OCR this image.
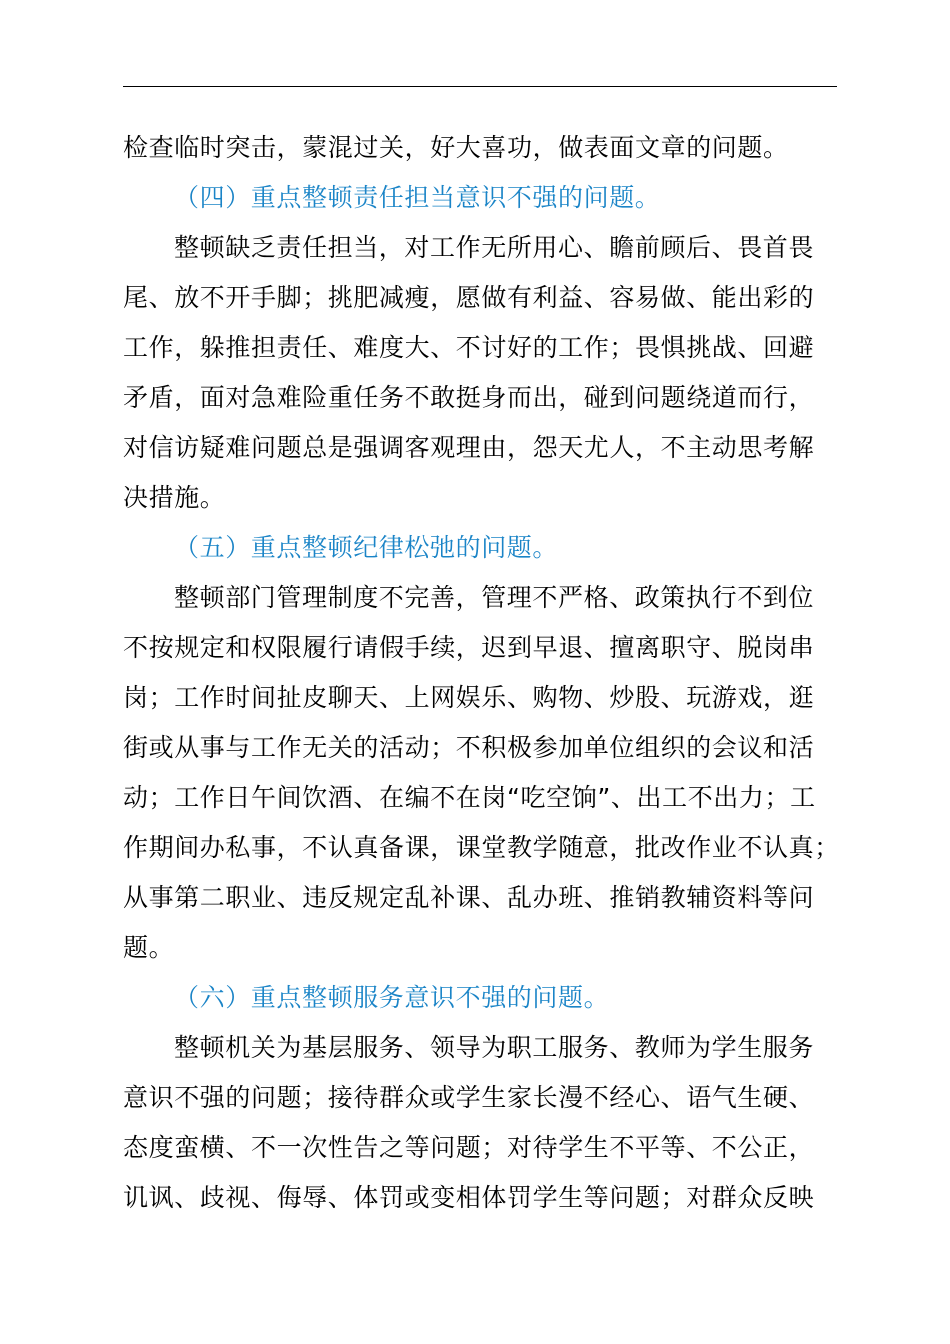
检查临时突击，蒙混过关，好大喜功，做表面文章的问题。
（四）重点整顿责任担当意识不强的问题。
整顿缺乏责任担当，对工作无所用心、瞻前顾后、畏首畏
尾、放不开手脚；挑肥减瘦，愿做有利益、容易做、能出彩的
工作，躲推担责任、难度大、不讨好的工作；畏惧挑战、回避
矛盾，面对急难险重任务不敢挺身而出，碰到问题绕道而行，
对信访疑难问题总是强调客观理由，怨天尤人，不主动思考解
决措施。
（五）重点整顿纪律松弛的问题。
整顿部门管理制度不完善，管理不严格、政策执行不到位
不按规定和权限履行请假手续，迟到早退、擅离职守、脱岗串
岗；工作时间扯皮聊天、上网娱乐、购物、炒股、玩游戏，逛
街或从事与工作无关的活动；不积极参加单位组织的会议和活
动；工作日午间饮酒、在编不在岗“吃空饷”、出工不出力；工
作期间办私事，不认真备课，课堂教学随意，批改作业不认真；
从事第二职业、违反规定乱补课、乱办班、推销教辅资料等问
题。
（六）重点整顿服务意识不强的问题。
整顿机关为基层服务、领导为职工服务、教师为学生服务
意识不强的问题；接待群众或学生家长漫不经心、语气生硬、
态度蛮横、不一次性告之等问题；对待学生不平等、不公正，
讥讽、歧视、侮辱、体罚或变相体罚学生等问题；对群众反映
